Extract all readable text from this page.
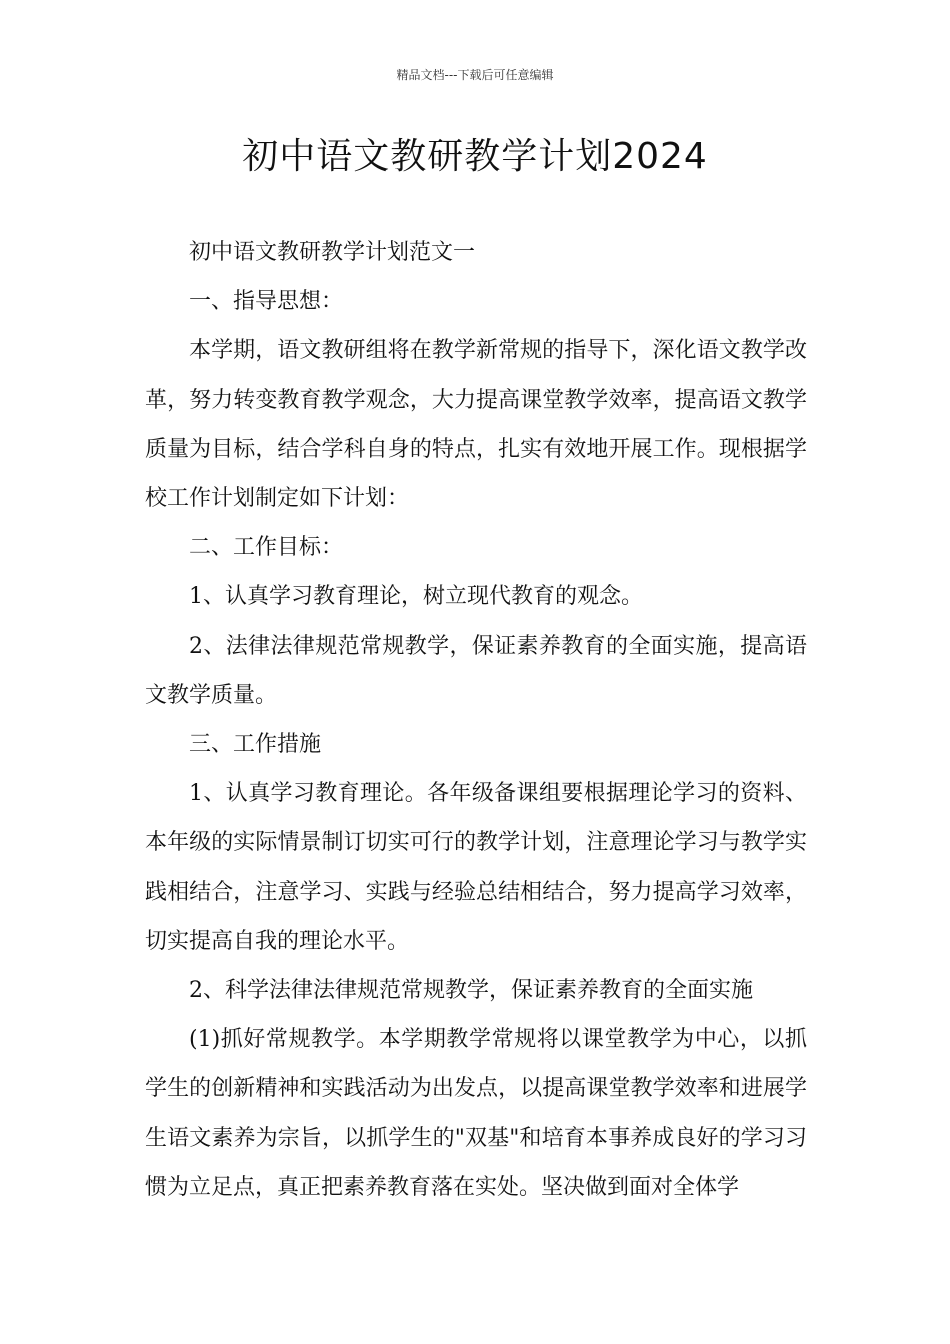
精品文档---下载后可任意编辑
初中语文教研教学计划2024

初中语文教研教学计划范文一

一、指导思想：

本学期，语文教研组将在教学新常规的指导下，深化语文教学改革，努力转变教育教学观念，大力提高课堂教学效率，提高语文教学质量为目标，结合学科自身的特点，扎实有效地开展工作。现根据学校工作计划制定如下计划：

二、工作目标：

1、认真学习教育理论，树立现代教育的观念。

2、法律法律规范常规教学，保证素养教育的全面实施，提高语文教学质量。

三、工作措施

1、认真学习教育理论。各年级备课组要根据理论学习的资料、本年级的实际情景制订切实可行的教学计划，注意理论学习与教学实践相结合，注意学习、实践与经验总结相结合，努力提高学习效率，切实提高自我的理论水平。

2、科学法律法律规范常规教学，保证素养教育的全面实施

(1)抓好常规教学。本学期教学常规将以课堂教学为中心，以抓学生的创新精神和实践活动为出发点，以提高课堂教学效率和进展学生语文素养为宗旨，以抓学生的"双基"和培育本事养成良好的学习习惯为立足点，真正把素养教育落在实处。坚决做到面对全体学
